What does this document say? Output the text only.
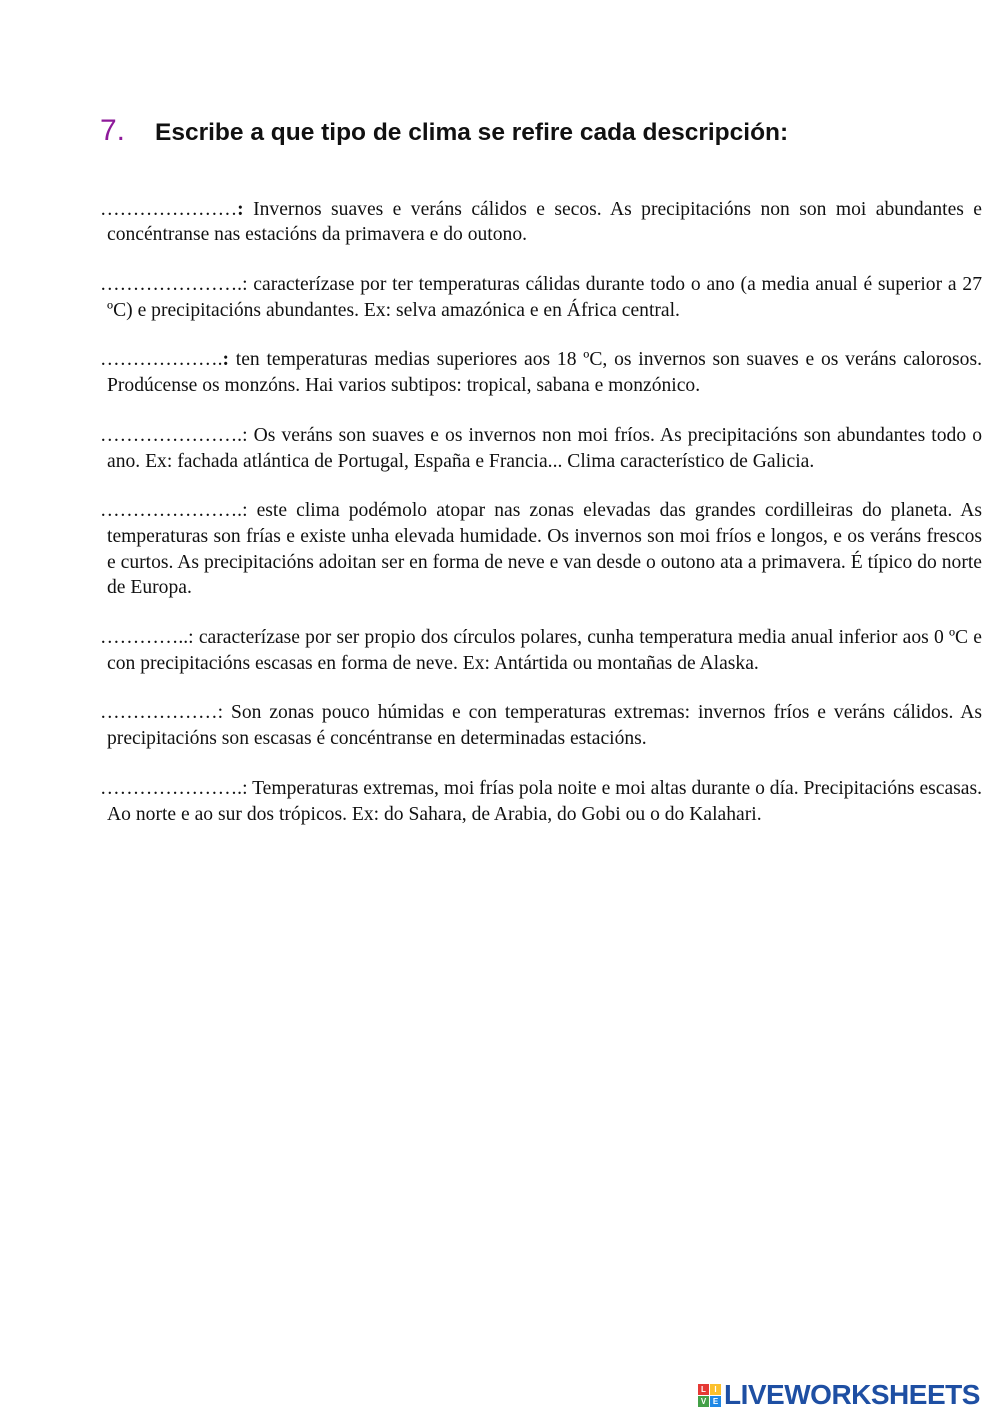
7.	Escribe a que tipo de clima se refire cada descripción:

…………………: Invernos suaves e veráns cálidos e secos. As precipitacións non son moi abundantes e concéntranse nas estacións da primavera e do outono.

………………….: caracterízase por ter temperaturas cálidas durante todo o ano (a media anual é superior a 27 ºC) e precipitacións abundantes. Ex: selva amazónica e en África central.

……………….: ten temperaturas medias superiores aos 18 ºC, os invernos son suaves e os veráns calorosos. Prodúcense os monzóns. Hai varios subtipos: tropical, sabana e monzónico.

………………….: Os veráns son suaves e os invernos non moi fríos. As precipitacións son abundantes todo o ano. Ex: fachada atlántica de Portugal, España e Francia... Clima característico de Galicia.

………………….: este clima podémolo atopar nas zonas elevadas das grandes cordilleiras do planeta. As temperaturas son frías e existe unha elevada humidade. Os invernos son moi fríos e longos, e os veráns frescos e curtos. As precipitacións adoitan ser en forma de neve e van desde o outono ata a primavera. É típico do norte de Europa.

…………..: caracterízase por ser propio dos círculos polares, cunha temperatura media anual inferior aos 0 ºC e con precipitacións escasas en forma de neve. Ex: Antártida ou montañas de Alaska.

………………: Son zonas pouco húmidas e con temperaturas extremas: invernos fríos e veráns cálidos. As precipitacións son escasas é concéntranse en determinadas estacións.

………………….: Temperaturas extremas, moi frías pola noite e moi altas durante o día. Precipitacións escasas. Ao norte e ao sur dos trópicos. Ex: do Sahara, de Arabia, do Gobi ou o do Kalahari.

L	I
V E LIVEWORKSHEETS
